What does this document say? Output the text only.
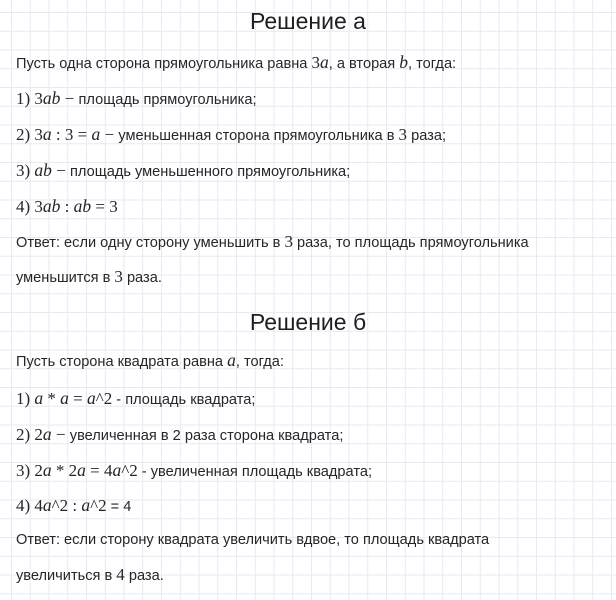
Решение а
Пусть одна сторона прямоугольника равна 3a, а вторая b, тогда:
1) 3ab − площадь прямоугольника;
2) 3a : 3 = a − уменьшенная сторона прямоугольника в 3 раза;
3) ab − площадь уменьшенного прямоугольника;
4) 3ab : ab = 3
Ответ: если одну сторону уменьшить в 3 раза, то площадь прямоугольника
уменьшится в 3 раза.
Решение б
Пусть сторона квадрата равна a, тогда:
1) a * a = a^2 - площадь квадрата;
2) 2a − увеличенная в 2 раза сторона квадрата;
3) 2a * 2a = 4a^2 - увеличенная площадь квадрата;
4) 4a^2 : a^2 = 4
Ответ: если сторону квадрата увеличить вдвое, то площадь квадрата
увеличиться в 4 раза.
